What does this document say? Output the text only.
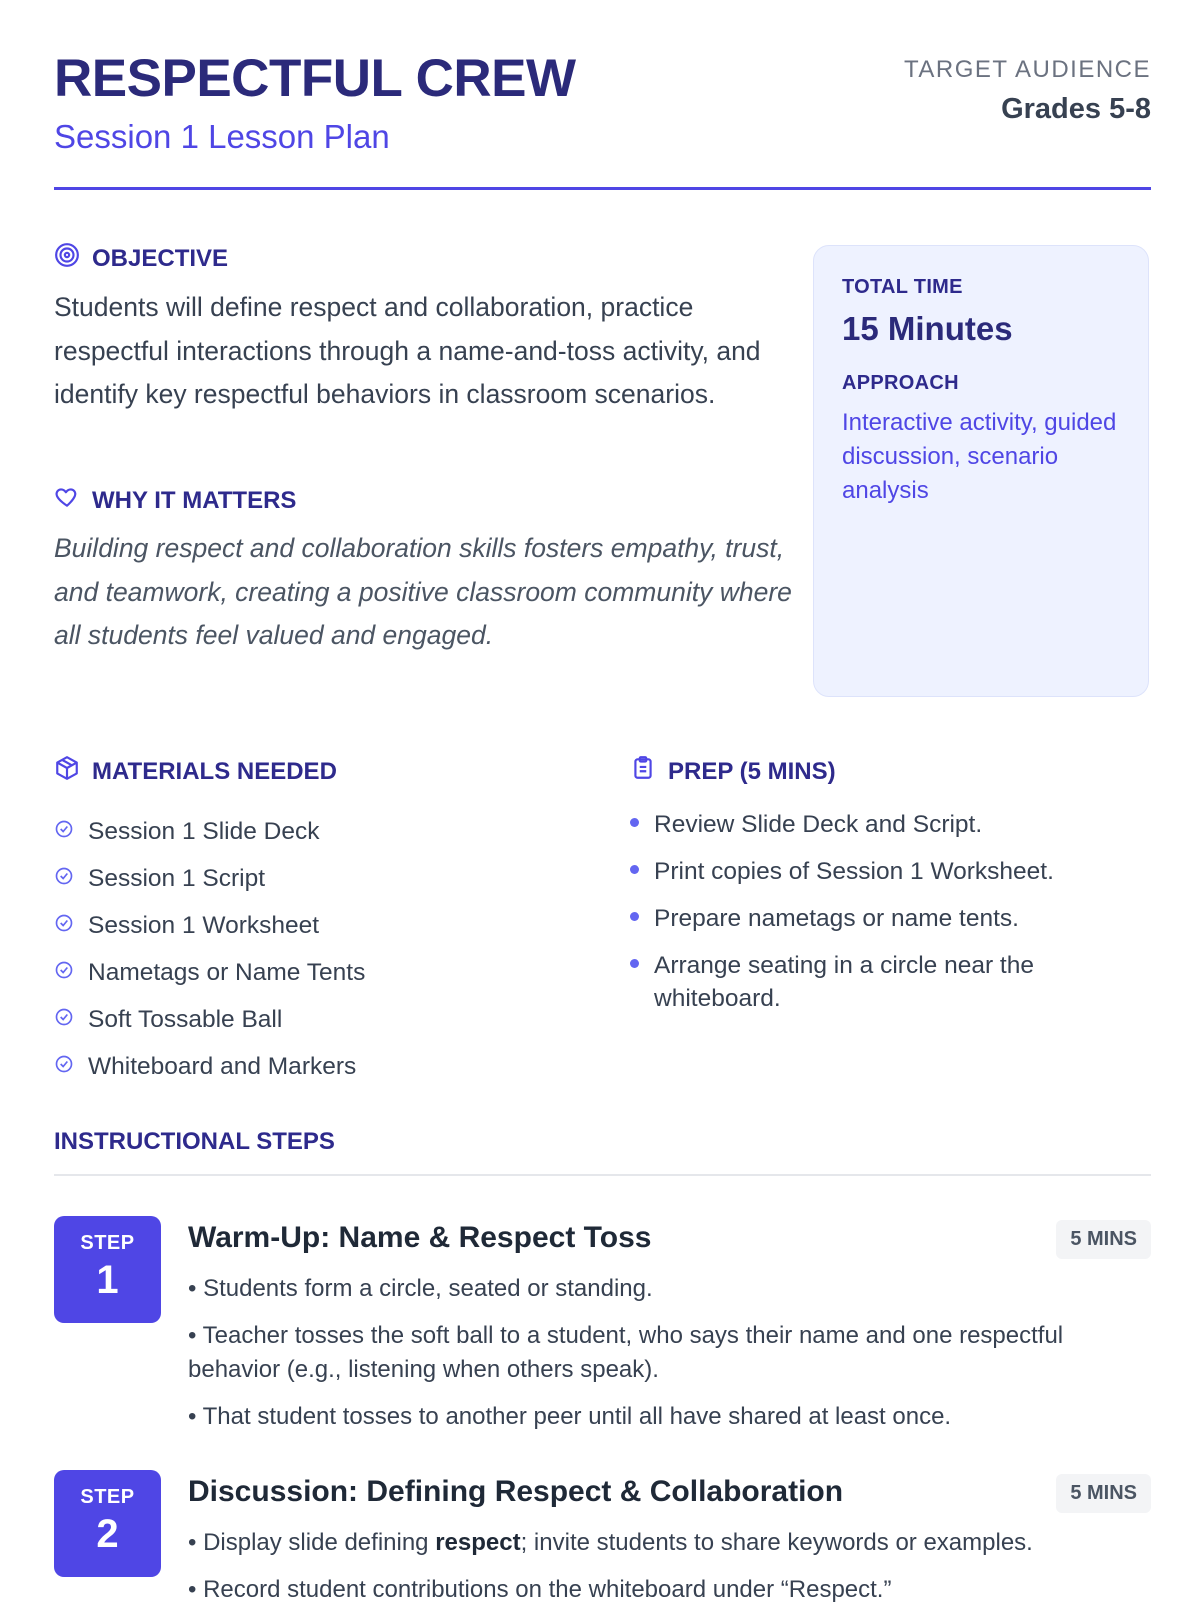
RESPECTFUL CREW
Session 1 Lesson Plan
TARGET AUDIENCE
Grades 5-8
OBJECTIVE
Students will define respect and collaboration, practice respectful interactions through a name-and-toss activity, and identify key respectful behaviors in classroom scenarios.
WHY IT MATTERS
Building respect and collaboration skills fosters empathy, trust, and teamwork, creating a positive classroom community where all students feel valued and engaged.
TOTAL TIME
15 Minutes
APPROACH
Interactive activity, guided discussion, scenario analysis
MATERIALS NEEDED
Session 1 Slide Deck
Session 1 Script
Session 1 Worksheet
Nametags or Name Tents
Soft Tossable Ball
Whiteboard and Markers
PREP (5 MINS)
Review Slide Deck and Script.
Print copies of Session 1 Worksheet.
Prepare nametags or name tents.
Arrange seating in a circle near the whiteboard.
INSTRUCTIONAL STEPS
STEP
1
Warm-Up: Name & Respect Toss	5 MINS
• Students form a circle, seated or standing.
• Teacher tosses the soft ball to a student, who says their name and one respectful behavior (e.g., listening when others speak).
• That student tosses to another peer until all have shared at least once.
STEP
2
Discussion: Defining Respect & Collaboration	5 MINS
• Display slide defining respect; invite students to share keywords or examples.
• Record student contributions on the whiteboard under “Respect.”
